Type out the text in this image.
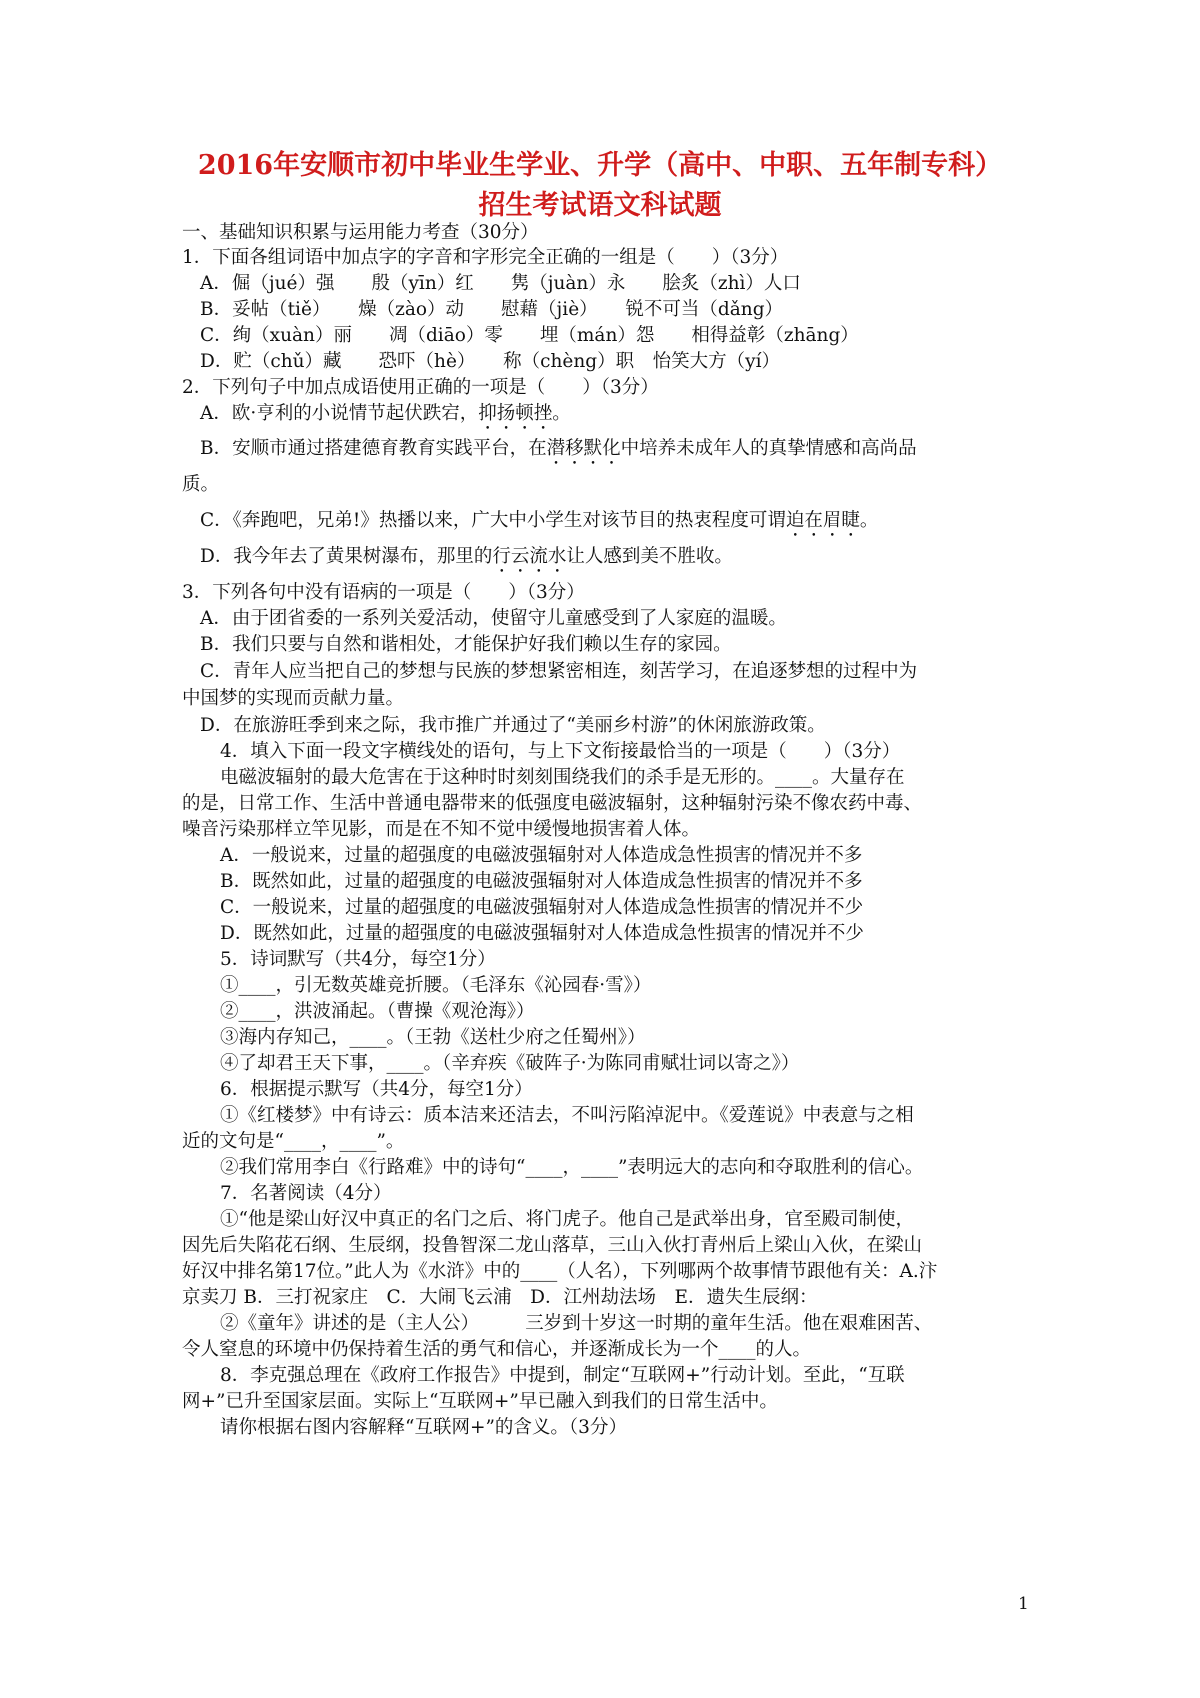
2016年安顺市初中毕业生学业、升学（高中、中职、五年制专科）
招生考试语文科试题
一、基础知识积累与运用能力考查（30分）
1．下面各组词语中加点字的字音和字形完全正确的一组是（　　）（3分）
A．倔（jué）强　　殷（yīn）红　　隽（juàn）永　　脍炙（zhì）人口
B．妥帖（tiě）　　燥（zào）动　　慰藉（jiè）　　锐不可当（dǎng）
C．绚（xuàn）丽　　凋（diāo）零　　埋（mán）怨　　相得益彰（zhāng）
D．贮（chǔ）藏　　恐吓（hè）　　称（chèng）职　怡笑大方（yí）
2．下列句子中加点成语使用正确的一项是（　　）（3分）
A．欧·亨利的小说情节起伏跌宕，抑扬顿挫。
B．安顺市通过搭建德育教育实践平台，在潜移默化中培养未成年人的真挚情感和高尚品
质。
C．《奔跑吧，兄弟!》热播以来，广大中小学生对该节目的热衷程度可谓迫在眉睫。
D．我今年去了黄果树瀑布，那里的行云流水让人感到美不胜收。
3．下列各句中没有语病的一项是（　　）（3分）
A．由于团省委的一系列关爱活动，使留守儿童感受到了人家庭的温暖。
B．我们只要与自然和谐相处，才能保护好我们赖以生存的家园。
C．青年人应当把自己的梦想与民族的梦想紧密相连，刻苦学习，在追逐梦想的过程中为
中国梦的实现而贡献力量。
D．在旅游旺季到来之际，我市推广并通过了“美丽乡村游”的休闲旅游政策。
4．填入下面一段文字横线处的语句，与上下文衔接最恰当的一项是（　　）（3分）
电磁波辐射的最大危害在于这种时时刻刻围绕我们的杀手是无形的。____。大量存在
的是，日常工作、生活中普通电器带来的低强度电磁波辐射，这种辐射污染不像农药中毒、
噪音污染那样立竿见影，而是在不知不觉中缓慢地损害着人体。
A．一般说来，过量的超强度的电磁波强辐射对人体造成急性损害的情况并不多
B．既然如此，过量的超强度的电磁波强辐射对人体造成急性损害的情况并不多
C．一般说来，过量的超强度的电磁波强辐射对人体造成急性损害的情况并不少
D．既然如此，过量的超强度的电磁波强辐射对人体造成急性损害的情况并不少
5．诗词默写（共4分，每空1分）
①____，引无数英雄竞折腰。（毛泽东《沁园春·雪》）
②____，洪波涌起。（曹操《观沧海》）
③海内存知己，____。（王勃《送杜少府之任蜀州》）
④了却君王天下事，____。（辛弃疾《破阵子·为陈同甫赋壮词以寄之》）
6．根据提示默写（共4分，每空1分）
①《红楼梦》中有诗云：质本洁来还洁去，不叫污陷淖泥中。《爱莲说》中表意与之相
近的文句是“____，____”。
②我们常用李白《行路难》中的诗句“____，____”表明远大的志向和夺取胜利的信心。
7．名著阅读（4分）
①“他是梁山好汉中真正的名门之后、将门虎子。他自己是武举出身，官至殿司制使，
因先后失陷花石纲、生辰纲，投鲁智深二龙山落草，三山入伙打青州后上梁山入伙，在梁山
好汉中排名第17位。”此人为《水浒》中的____（人名），下列哪两个故事情节跟他有关：A.汴
京卖刀 B．三打祝家庄　C．大闹飞云浦　D．江州劫法场　E．遗失生辰纲：
②《童年》讲述的是（主人公）　　　三岁到十岁这一时期的童年生活。他在艰难困苦、
令人窒息的环境中仍保持着生活的勇气和信心，并逐渐成长为一个____的人。
8．李克强总理在《政府工作报告》中提到，制定“互联网+”行动计划。至此，“互联
网+”已升至国家层面。实际上“互联网+”早已融入到我们的日常生活中。
请你根据右图内容解释“互联网+”的含义。（3分）
1
